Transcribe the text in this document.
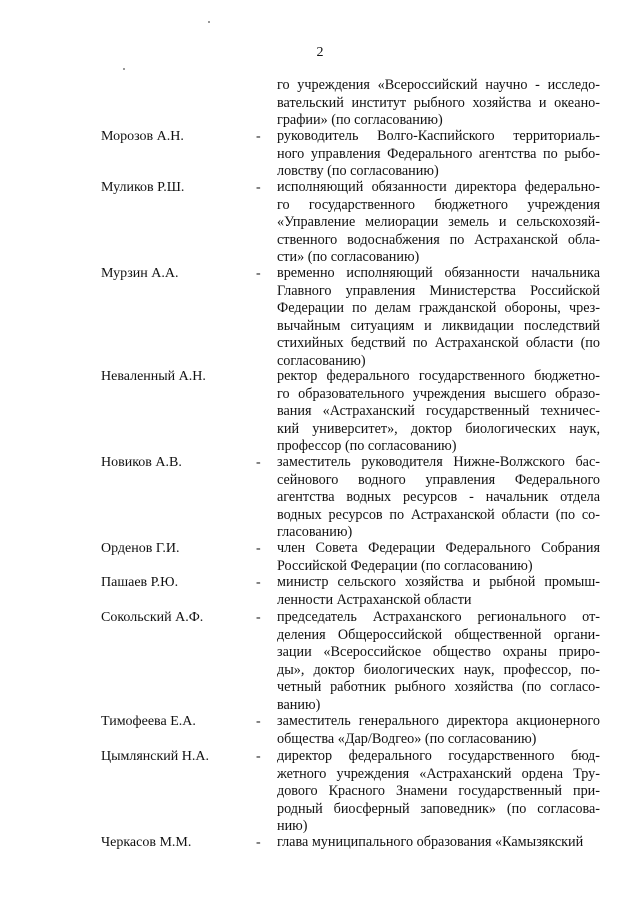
2
го учреждения «Всероссийский научно - исследо-
вательский институт рыбного хозяйства и океано-
графии» (по согласованию)
Морозов А.Н.	- руководитель Волго-Каспийского территориаль-
ного управления Федерального агентства по рыбо-
ловству (по согласованию)
Муликов Р.Ш.	- исполняющий обязанности директора федерально-
го государственного бюджетного учреждения
«Управление мелиорации земель и сельскохозяй-
ственного водоснабжения по Астраханской обла-
сти» (по согласованию)
Мурзин А.А.	- временно исполняющий обязанности начальника
Главного управления Министерства Российской
Федерации по делам гражданской обороны, чрез-
вычайным ситуациям и ликвидации последствий
стихийных бедствий по Астраханской области (по
согласованию)
Неваленный А.Н.	ректор федерального государственного бюджетно-
го образовательного учреждения высшего образо-
вания «Астраханский государственный техничес-
кий университет», доктор биологических наук,
профессор (по согласованию)
Новиков А.В.	- заместитель руководителя Нижне-Волжского бас-
сейнового водного управления Федерального
агентства водных ресурсов - начальник отдела
водных ресурсов по Астраханской области (по со-
гласованию)
Орденов Г.И.	- член Совета Федерации Федерального Собрания
Российской Федерации (по согласованию)
Пашаев Р.Ю.	- министр сельского хозяйства и рыбной промыш-
ленности Астраханской области
Сокольский А.Ф.	- председатель Астраханского регионального от-
деления Общероссийской общественной органи-
зации «Всероссийское общество охраны приро-
ды», доктор биологических наук, профессор, по-
четный работник рыбного хозяйства (по согласо-
ванию)
Тимофеева Е.А.	- заместитель генерального директора акционерного
общества «Дар/Водгео» (по согласованию)
Цымлянский Н.А.	- директор федерального государственного бюд-
жетного учреждения «Астраханский ордена Тру-
дового Красного Знамени государственный при-
родный биосферный заповедник» (по согласова-
нию)
Черкасов М.М.	- глава муниципального образования «Камызякский
